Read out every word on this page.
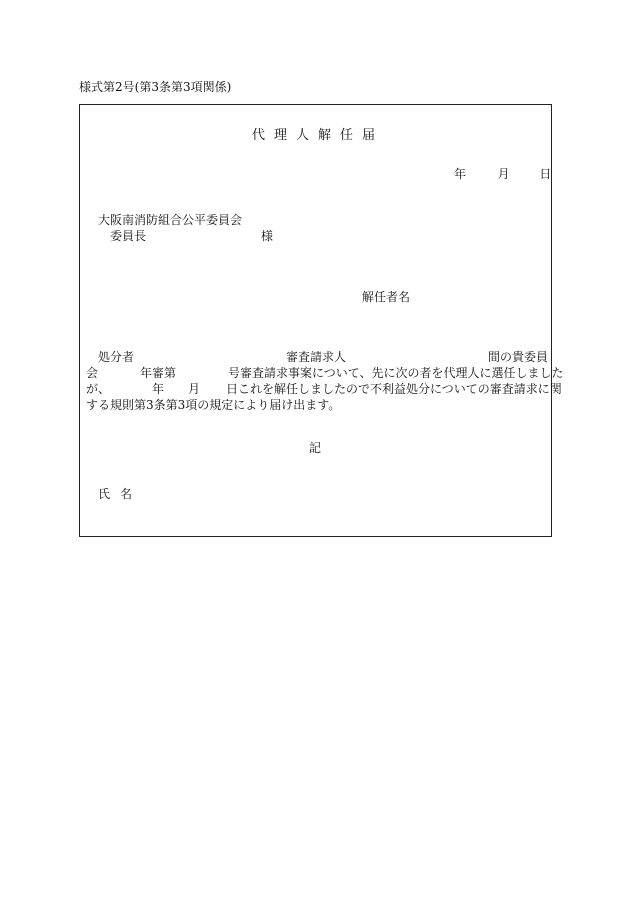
様式第2号(第3条第3項関係)
代理人解任届
年	月 日
大阪南消防組合公平委員会
委員長	様
解任者名
処分者	審査請求人	間の貴委員
会	年審第	号審査請求事案について、先に次の者を代理人に選任しました
が、	年 月 日これを解任しましたので不利益処分についての審査請求に関
する規則第3条第3項の規定により届け出ます。
記
氏名
